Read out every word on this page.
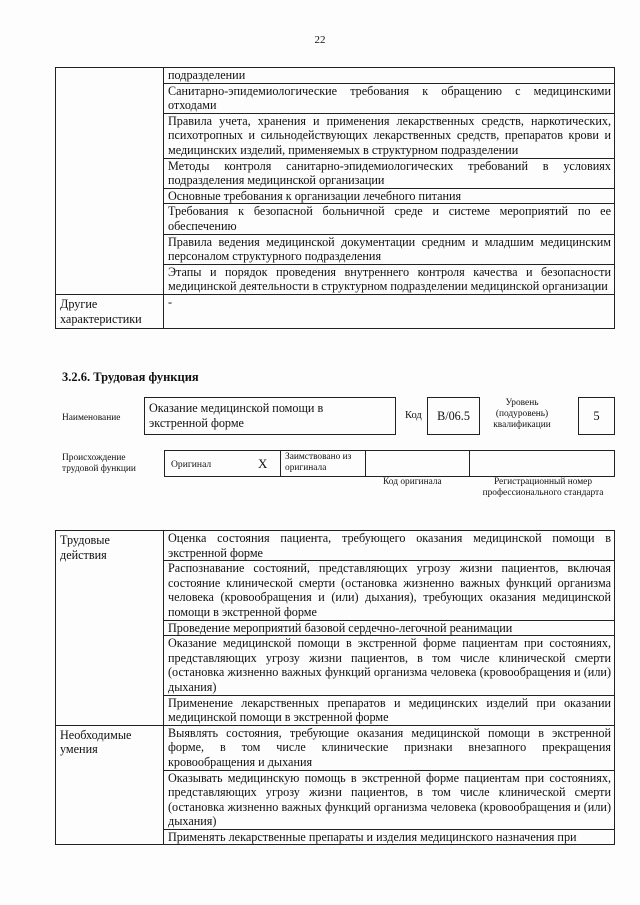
22
	подразделении
	Санитарно-эпидемиологические требования к обращению с медицинскими отходами
	Правила учета, хранения и применения лекарственных средств, наркотических, психотропных и сильнодействующих лекарственных средств, препаратов крови и медицинских изделий, применяемых в структурном подразделении
	Методы контроля санитарно-эпидемиологических требований в условиях подразделения медицинской организации
	Основные требования к организации лечебного питания
	Требования к безопасной больничной среде и системе мероприятий по ее обеспечению
	Правила ведения медицинской документации средним и младшим медицинским персоналом структурного подразделения
	Этапы и порядок проведения внутреннего контроля качества и безопасности медицинской деятельности в структурном подразделении медицинской организации
Другие характеристики	-
3.2.6. Трудовая функция
Наименование
Оказание медицинской помощи в экстренной форме
Код	B/06.5
Уровень (подуровень) квалификации
5
Происхождение трудовой функции	Оригинал	X Заимствовано из оригинала
Код оригинала	Регистрационный номер профессионального стандарта
Трудовые действия	Оценка состояния пациента, требующего оказания медицинской помощи в экстренной форме
	Распознавание состояний, представляющих угрозу жизни пациентов, включая состояние клинической смерти (остановка жизненно важных функций организма человека (кровообращения и (или) дыхания), требующих оказания медицинской помощи в экстренной форме
	Проведение мероприятий базовой сердечно-легочной реанимации
	Оказание медицинской помощи в экстренной форме пациентам при состояниях, представляющих угрозу жизни пациентов, в том числе клинической смерти (остановка жизненно важных функций организма человека (кровообращения и (или) дыхания)
	Применение лекарственных препаратов и медицинских изделий при оказании медицинской помощи в экстренной форме
Необходимые умения	Выявлять состояния, требующие оказания медицинской помощи в экстренной форме, в том числе клинические признаки внезапного прекращения кровообращения и дыхания
	Оказывать медицинскую помощь в экстренной форме пациентам при состояниях, представляющих угрозу жизни пациентов, в том числе клинической смерти (остановка жизненно важных функций организма человека (кровообращения и (или) дыхания)
	Применять лекарственные препараты и изделия медицинского назначения при
